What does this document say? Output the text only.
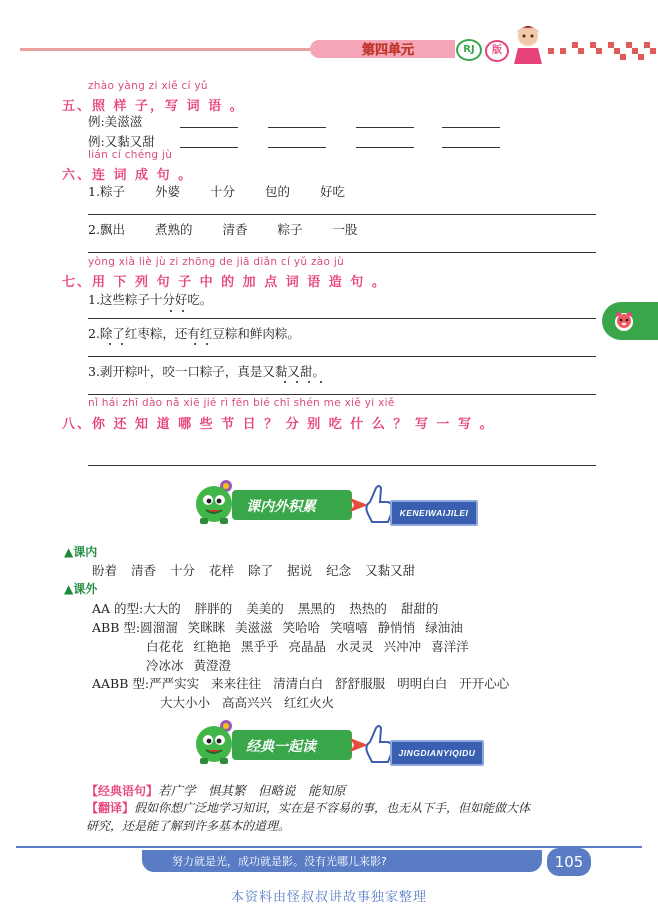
第四单元	RJ	版
zhào yàng zi xiě cí yǔ
五、照 样 子，写 词 语 。
例:美滋滋
例:又黏又甜
lián cí chéng jù
六、连 词 成 句 。
1.粽子 外婆 十分 包的 好吃
2.飘出 煮熟的 清香 粽子 一股
yòng xià liè jù zi zhōng de jiā diǎn cí yǔ zào jù
七、用 下 列 句 子 中 的 加 点 词 语 造 句 。
1.这些粽子十分好吃。
2.除了红枣粽，还有红豆粽和鲜肉粽。
3.剥开粽叶，咬一口粽子，真是又黏又甜。
nǐ hái zhī dào nǎ xiē jié rì fēn bié chī shén me xiě yi xiě
八、你 还 知 道 哪 些 节 日 ？ 分 别 吃 什 么 ？ 写 一 写 。
课内外积累	KENEIWAIJILEI
▲课内
盼着 清香 十分 花样 除了 据说 纪念 又黏又甜
▲课外
AA 的型:大大的 胖胖的 美美的 黑黑的 热热的 甜甜的
ABB 型:圆溜溜 笑眯眯 美滋滋 笑哈哈 笑嘻嘻 静悄悄 绿油油
白花花 红艳艳 黑乎乎 亮晶晶 水灵灵 兴冲冲 喜洋洋
冷冰冰 黄澄澄
AABB 型:严严实实 来来往往 清清白白 舒舒服服 明明白白 开开心心
大大小小 高高兴兴 红红火火
经典一起读	JINGDIANYIQIDU
【经典语句】若广学　惧其繁　但略说　能知原
【翻译】假如你想广泛地学习知识，实在是不容易的事，也无从下手，但如能做大体
研究，还是能了解到许多基本的道理。
努力就是光，成功就是影。没有光哪儿来影?	105
本资料由怪叔叔讲故事独家整理
